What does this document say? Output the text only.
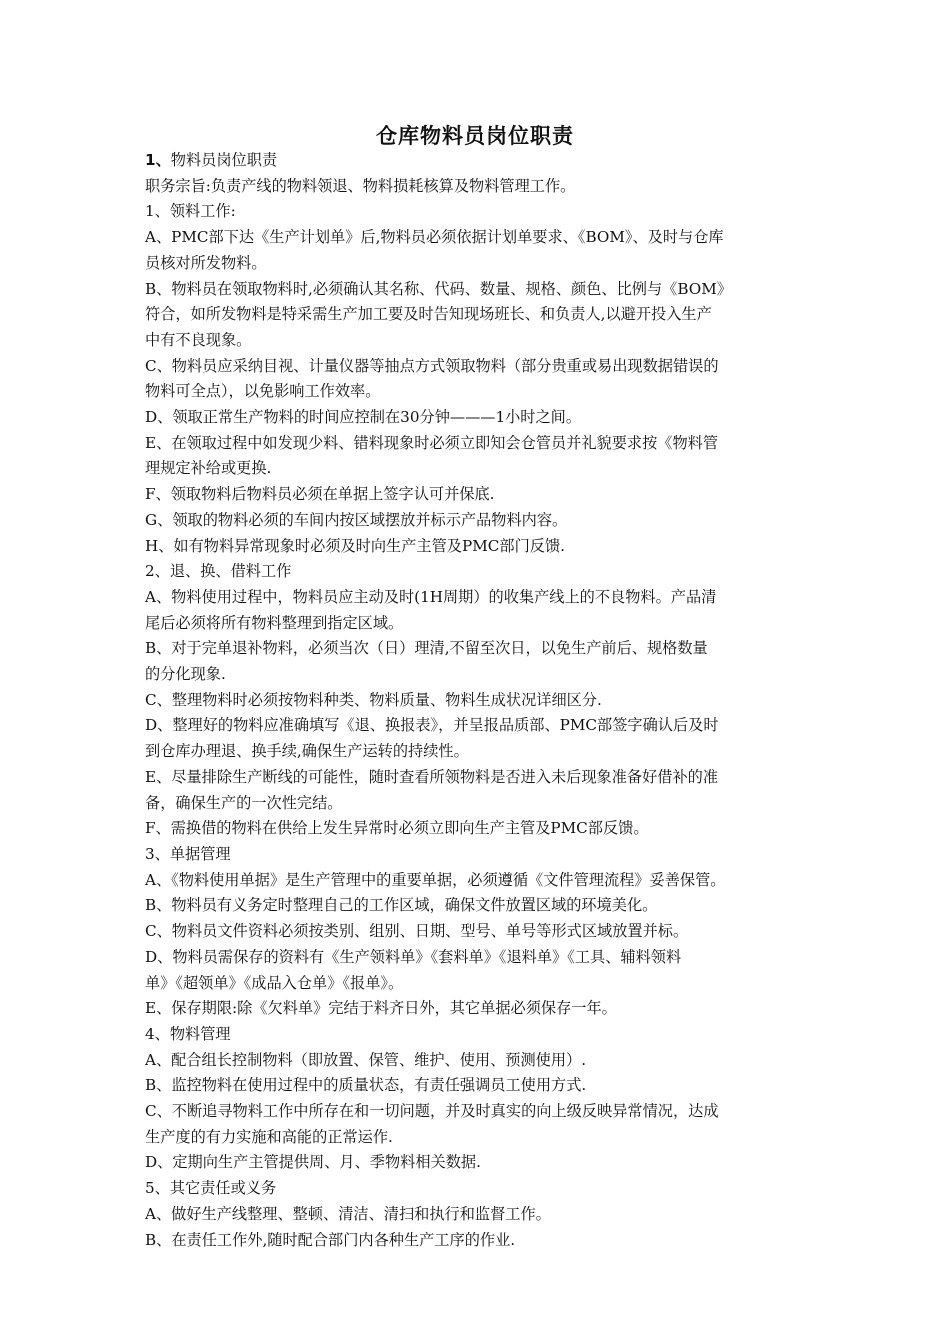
仓库物料员岗位职责

1、物料员岗位职责

职务宗旨:负责产线的物料领退、物料损耗核算及物料管理工作。

1、领料工作:

A、PMC部下达《生产计划单》后,物料员必须依据计划单要求、《BOM》、及时与仓库

员核对所发物料。

B、物料员在领取物料时,必须确认其名称、代码、数量、规格、颜色、比例与《BOM》

符合，如所发物料是特采需生产加工要及时告知现场班长、和负责人,以避开投入生产

中有不良现象。

C、物料员应采纳目视、计量仪器等抽点方式领取物料（部分贵重或易出现数据错误的

物料可全点），以免影响工作效率。

D、领取正常生产物料的时间应控制在30分钟———1小时之间。

E、在领取过程中如发现少料、错料现象时必须立即知会仓管员并礼貌要求按《物料管

理规定补给或更换.

F、领取物料后物料员必须在单据上签字认可并保底.

G、领取的物料必须的车间内按区域摆放并标示产品物料内容。

H、如有物料异常现象时必须及时向生产主管及PMC部门反馈.

2、退、换、借料工作

A、物料使用过程中，物料员应主动及时(1H周期）的收集产线上的不良物料。产品清

尾后必须将所有物料整理到指定区域。

B、对于完单退补物料，必须当次（日）理清,不留至次日，以免生产前后、规格数量

的分化现象.

C、整理物料时必须按物料种类、物料质量、物料生成状况详细区分.

D、整理好的物料应准确填写《退、换报表》，并呈报品质部、PMC部签字确认后及时

到仓库办理退、换手续,确保生产运转的持续性。

E、尽量排除生产断线的可能性，随时查看所领物料是否进入未后现象准备好借补的准

备，确保生产的一次性完结。

F、需换借的物料在供给上发生异常时必须立即向生产主管及PMC部反馈。

3、单据管理

A、《物料使用单据》是生产管理中的重要单据，必须遵循《文件管理流程》妥善保管。

B、物料员有义务定时整理自己的工作区域，确保文件放置区域的环境美化。

C、物料员文件资料必须按类别、组别、日期、型号、单号等形式区域放置并标。

D、物料员需保存的资料有《生产领料单》《套料单》《退料单》《工具、辅料领料

单》《超领单》《成品入仓单》《报单》。

E、保存期限:除《欠料单》完结于料齐日外，其它单据必须保存一年。

4、物料管理

A、配合组长控制物料（即放置、保管、维护、使用、预测使用）.

B、监控物料在使用过程中的质量状态，有责任强调员工使用方式.

C、不断追寻物料工作中所存在和一切问题，并及时真实的向上级反映异常情况，达成

生产度的有力实施和高能的正常运作.

D、定期向生产主管提供周、月、季物料相关数据.

5、其它责任或义务

A、做好生产线整理、整顿、清洁、清扫和执行和监督工作。

B、在责任工作外,随时配合部门内各种生产工序的作业.
